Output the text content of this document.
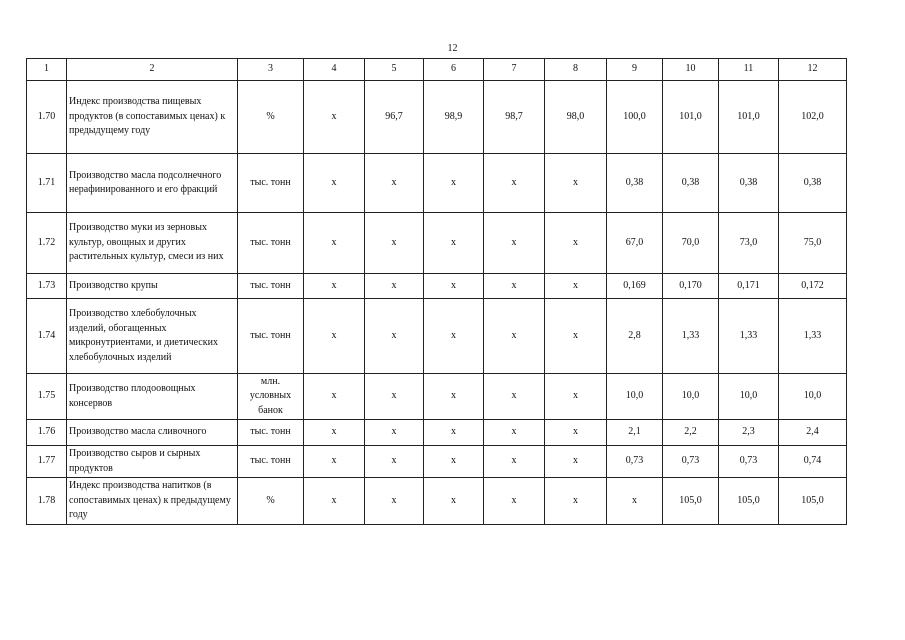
12
1	2	3	4	5	6	7	8	9	10	11	12
1.70	Индекс производства пищевых продуктов (в сопоставимых ценах) к предыдущему году	%	х	96,7	98,9	98,7	98,0	100,0	101,0	101,0	102,0
1.71	Производство масла подсолнечного нерафинированного и его фракций	тыс. тонн	х	х	х	х	х	0,38	0,38	0,38	0,38
1.72	Производство муки из зерновых культур, овощных и других растительных культур, смеси из них	тыс. тонн	х	х	х	х	х	67,0	70,0	73,0	75,0
1.73	Производство крупы	тыс. тонн	х	х	х	х	х	0,169	0,170	0,171	0,172
1.74	Производство хлебобулочных изделий, обогащенных микронутриентами, и диетических хлебобулочных изделий	тыс. тонн	х	х	х	х	х	2,8	1,33	1,33	1,33
1.75	Производство плодоовощных консервов	млн. условных банок	х	х	х	х	х	10,0	10,0	10,0	10,0
1.76	Производство масла сливочного	тыс. тонн	х	х	х	х	х	2,1	2,2	2,3	2,4
1.77	Производство сыров и сырных продуктов	тыс. тонн	х	х	х	х	х	0,73	0,73	0,73	0,74
1.78	Индекс производства напитков (в сопоставимых ценах) к предыдущему году	%	х	х	х	х	х	х	105,0	105,0	105,0
